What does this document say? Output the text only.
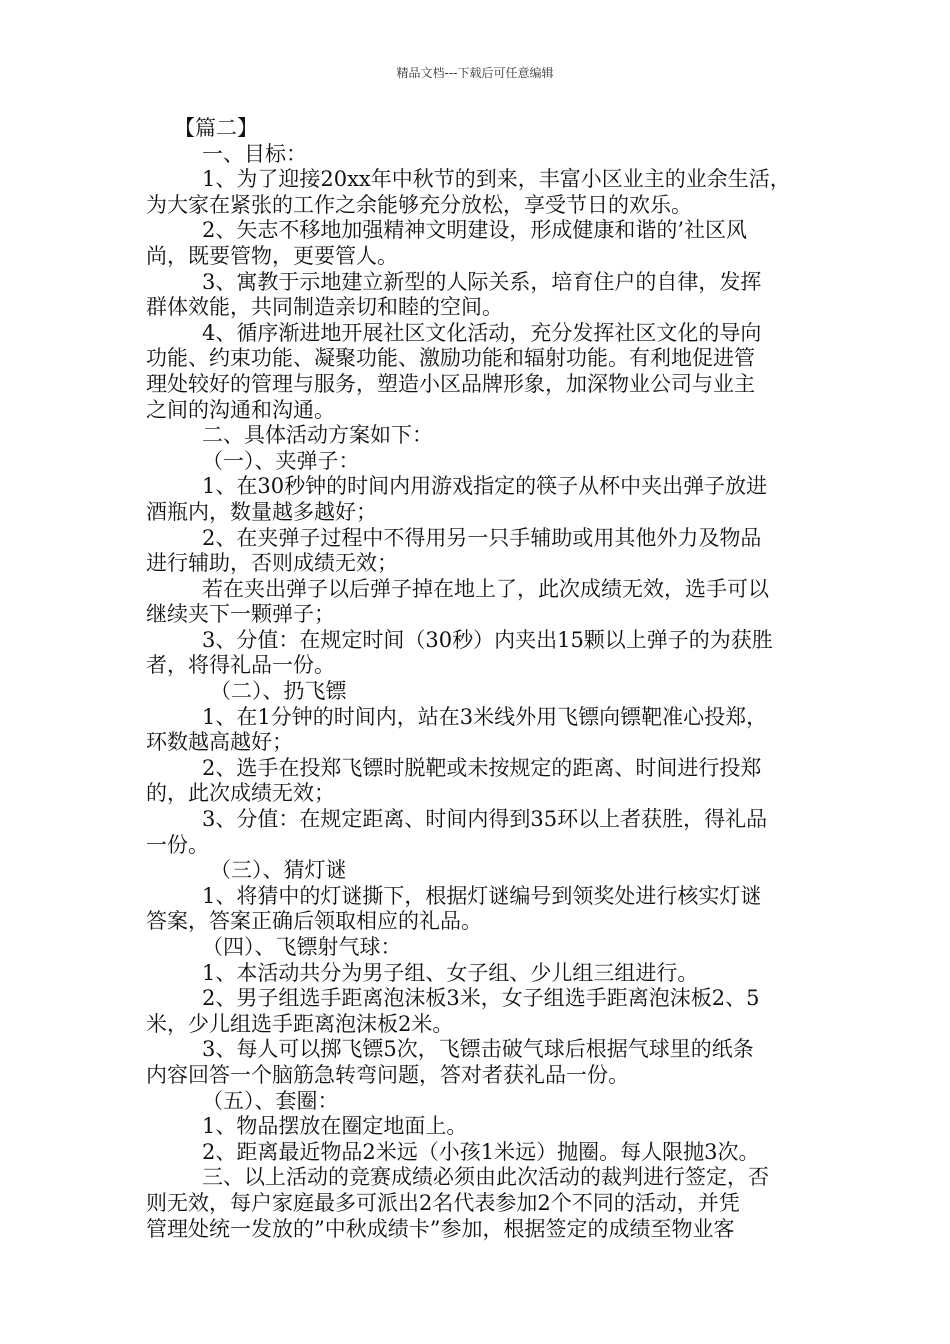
精品文档---下载后可任意编辑
【篇二】
一、目标：
1、为了迎接20xx年中秋节的到来，丰富小区业主的业余生活，
为大家在紧张的工作之余能够充分放松，享受节日的欢乐。
2、矢志不移地加强精神文明建设，形成健康和谐的’社区风
尚，既要管物，更要管人。
3、寓教于示地建立新型的人际关系，培育住户的自律，发挥
群体效能，共同制造亲切和睦的空间。
4、循序渐进地开展社区文化活动，充分发挥社区文化的导向
功能、约束功能、凝聚功能、激励功能和辐射功能。有利地促进管
理处较好的管理与服务，塑造小区品牌形象，加深物业公司与业主
之间的沟通和沟通。
二、具体活动方案如下：
（一）、夹弹子：
1、在30秒钟的时间内用游戏指定的筷子从杯中夹出弹子放进
酒瓶内，数量越多越好；
2、在夹弹子过程中不得用另一只手辅助或用其他外力及物品
进行辅助，否则成绩无效；
若在夹出弹子以后弹子掉在地上了，此次成绩无效，选手可以
继续夹下一颗弹子；
3、分值：在规定时间（30秒）内夹出15颗以上弹子的为获胜
者，将得礼品一份。
（二）、扔飞镖
1、在1分钟的时间内，站在3米线外用飞镖向镖靶准心投郑，
环数越高越好；
2、选手在投郑飞镖时脱靶或未按规定的距离、时间进行投郑
的，此次成绩无效；
3、分值：在规定距离、时间内得到35环以上者获胜，得礼品
一份。
（三）、猜灯谜
1、将猜中的灯谜撕下，根据灯谜编号到领奖处进行核实灯谜
答案，答案正确后领取相应的礼品。
（四）、飞镖射气球：
1、本活动共分为男子组、女子组、少儿组三组进行。
2、男子组选手距离泡沫板3米，女子组选手距离泡沫板2、5
米，少儿组选手距离泡沫板2米。
3、每人可以掷飞镖5次，飞镖击破气球后根据气球里的纸条
内容回答一个脑筋急转弯问题，答对者获礼品一份。
（五）、套圈：
1、物品摆放在圈定地面上。
2、距离最近物品2米远（小孩1米远）抛圈。每人限抛3次。
三、以上活动的竞赛成绩必须由此次活动的裁判进行签定，否
则无效，每户家庭最多可派出2名代表参加2个不同的活动，并凭
管理处统一发放的”中秋成绩卡”参加，根据签定的成绩至物业客
